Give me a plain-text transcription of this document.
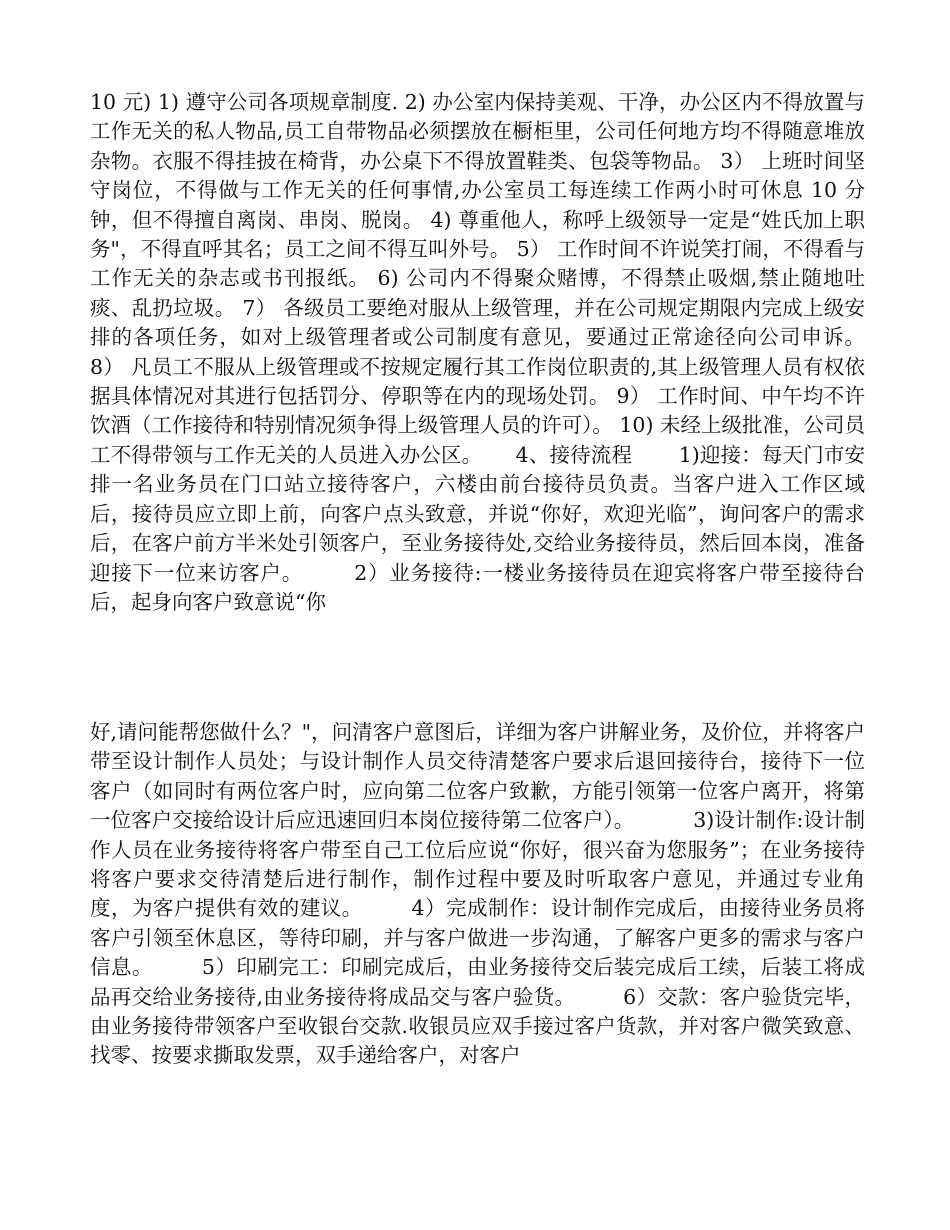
10 元) 1) 遵守公司各项规章制度. 2) 办公室内保持美观、干净，办公区内不得放置与工作无关的私人物品,员工自带物品必须摆放在橱柜里，公司任何地方均不得随意堆放杂物。衣服不得挂披在椅背，办公桌下不得放置鞋类、包袋等物品。 3） 上班时间坚守岗位，不得做与工作无关的任何事情,办公室员工每连续工作两小时可休息 10 分钟，但不得擅自离岗、串岗、脱岗。 4) 尊重他人，称呼上级领导一定是“姓氏加上职务"，不得直呼其名；员工之间不得互叫外号。 5） 工作时间不许说笑打闹，不得看与工作无关的杂志或书刊报纸。 6) 公司内不得聚众赌博，不得禁止吸烟,禁止随地吐痰、乱扔垃圾。 7） 各级员工要绝对服从上级管理，并在公司规定期限内完成上级安排的各项任务，如对上级管理者或公司制度有意见，要通过正常途径向公司申诉。 8） 凡员工不服从上级管理或不按规定履行其工作岗位职责的,其上级管理人员有权依据具体情况对其进行包括罚分、停职等在内的现场处罚。 9） 工作时间、中午均不许饮酒（工作接待和特别情况须争得上级管理人员的许可）。 10) 未经上级批准，公司员工不得带领与工作无关的人员进入办公区。     4、接待流程       1)迎接：每天门市安排一名业务员在门口站立接待客户，六楼由前台接待员负责。当客户进入工作区域后，接待员应立即上前，向客户点头致意，并说“你好，欢迎光临”，询问客户的需求后，在客户前方半米处引领客户，至业务接待处,交给业务接待员，然后回本岗，准备迎接下一位来访客户。       2）业务接待:一楼业务接待员在迎宾将客户带至接待台后，起身向客户致意说“你

好,请问能帮您做什么？"，问清客户意图后，详细为客户讲解业务，及价位，并将客户带至设计制作人员处；与设计制作人员交待清楚客户要求后退回接待台，接待下一位客户（如同时有两位客户时，应向第二位客户致歉，方能引领第一位客户离开，将第一位客户交接给设计后应迅速回归本岗位接待第二位客户）。         3)设计制作:设计制作人员在业务接待将客户带至自己工位后应说“你好，很兴奋为您服务”；在业务接待将客户要求交待清楚后进行制作，制作过程中要及时听取客户意见，并通过专业角度，为客户提供有效的建议。       4）完成制作：设计制作完成后，由接待业务员将客户引领至休息区，等待印刷，并与客户做进一步沟通，了解客户更多的需求与客户信息。       5）印刷完工：印刷完成后，由业务接待交后装完成后工续，后装工将成品再交给业务接待,由业务接待将成品交与客户验货。       6）交款：客户验货完毕，由业务接待带领客户至收银台交款.收银员应双手接过客户货款，并对客户微笑致意、找零、按要求撕取发票，双手递给客户，对客户
